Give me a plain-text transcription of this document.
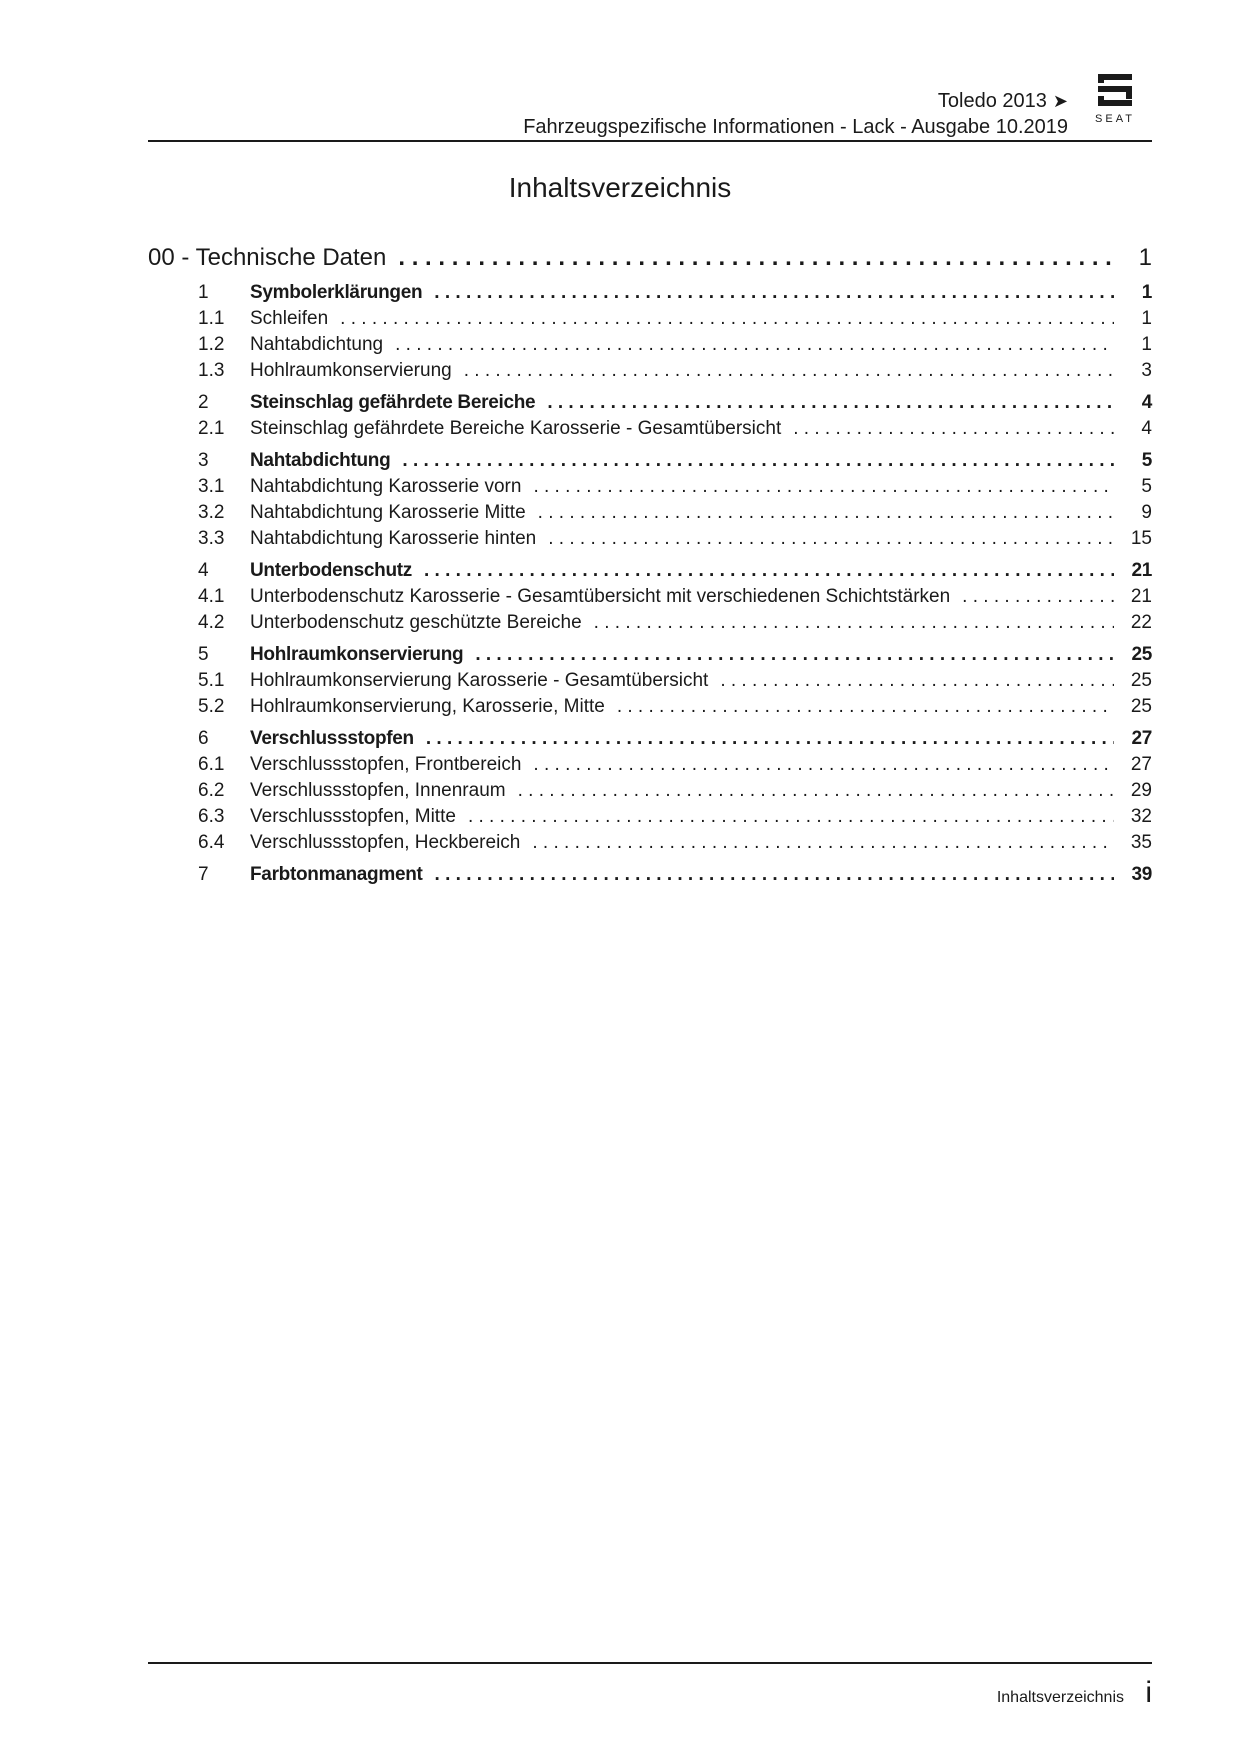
Toledo 2013 ➤
Fahrzeugspezifische Informationen - Lack - Ausgabe 10.2019 SEAT
Inhaltsverzeichnis
00 - Technische Daten . . .	1
1	Symbolerklärungen . . .	1
1.1	Schleifen . . .	1
1.2	Nahtabdichtung . . .	1
1.3	Hohlraumkonservierung . . .	3
2	Steinschlag gefährdete Bereiche . . .	4
2.1	Steinschlag gefährdete Bereiche Karosserie - Gesamtübersicht . . .	4
3	Nahtabdichtung . . .	5
3.1	Nahtabdichtung Karosserie vorn . . .	5
3.2	Nahtabdichtung Karosserie Mitte . . .	9
3.3	Nahtabdichtung Karosserie hinten . . .	15
4	Unterbodenschutz . . .	21
4.1	Unterbodenschutz Karosserie - Gesamtübersicht mit verschiedenen Schichtstärken . . .	21
4.2	Unterbodenschutz geschützte Bereiche . . .	22
5	Hohlraumkonservierung . . .	25
5.1	Hohlraumkonservierung Karosserie - Gesamtübersicht . . .	25
5.2	Hohlraumkonservierung, Karosserie, Mitte . . .	25
6	Verschlussstopfen . . .	27
6.1	Verschlussstopfen, Frontbereich . . .	27
6.2	Verschlussstopfen, Innenraum . . .	29
6.3	Verschlussstopfen, Mitte . . .	32
6.4	Verschlussstopfen, Heckbereich . . .	35
7	Farbtonmanagment . . .	39
Inhaltsverzeichnis i
